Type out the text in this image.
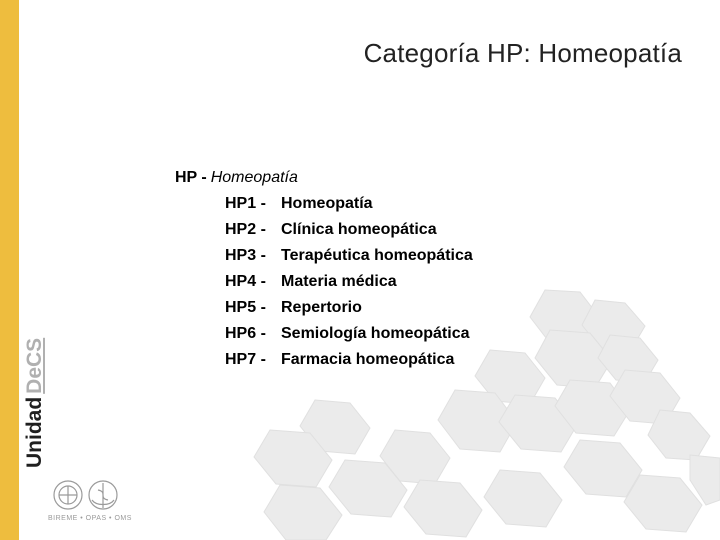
UnidadDeCS
Categoría HP: Homeopatía
HP - Homeopatía
HP1 - Homeopatía
HP2 - Clínica homeopática
HP3 - Terapéutica homeopática
HP4 - Materia médica
HP5 - Repertorio
HP6 - Semiología homeopática
HP7 - Farmacia homeopática
BIREME • OPAS • OMS
